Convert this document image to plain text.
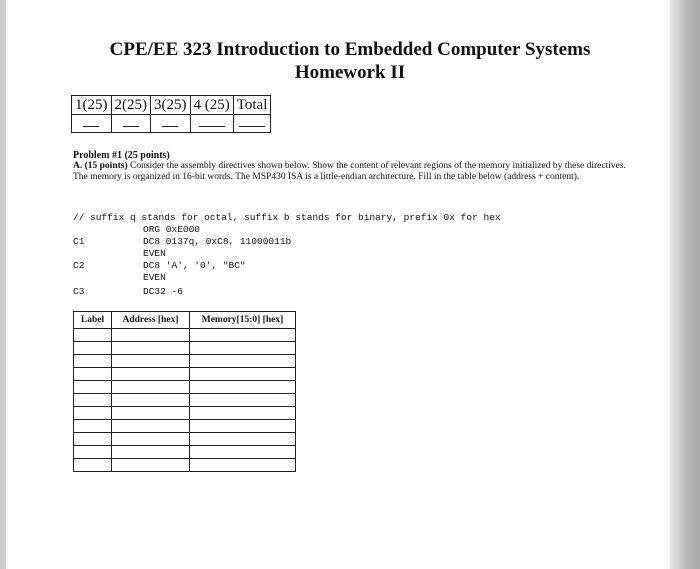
CPE/EE 323 Introduction to Embedded Computer Systems
Homework II
1(25)	2(25)	3(25)	4 (25)	Total

Problem #1 (25 points)
A. (15 points) Consider the assembly directives shown below. Show the content of relevant regions of the memory initialized by these directives. The memory is organized in 16-bit words. The MSP430 ISA is a little-endian architecture. Fill in the table below (address + content).
// suffix q stands for octal, suffix b stands for binary, prefix 0x for hex
ORG 0xE000
C1	DC8 0137q, 0xC8, 11000011b
EVEN
C2	DC8 'A', '0', "BC"
EVEN
C3	DC32 -6
Label	Address [hex]	Memory[15:0] [hex]
